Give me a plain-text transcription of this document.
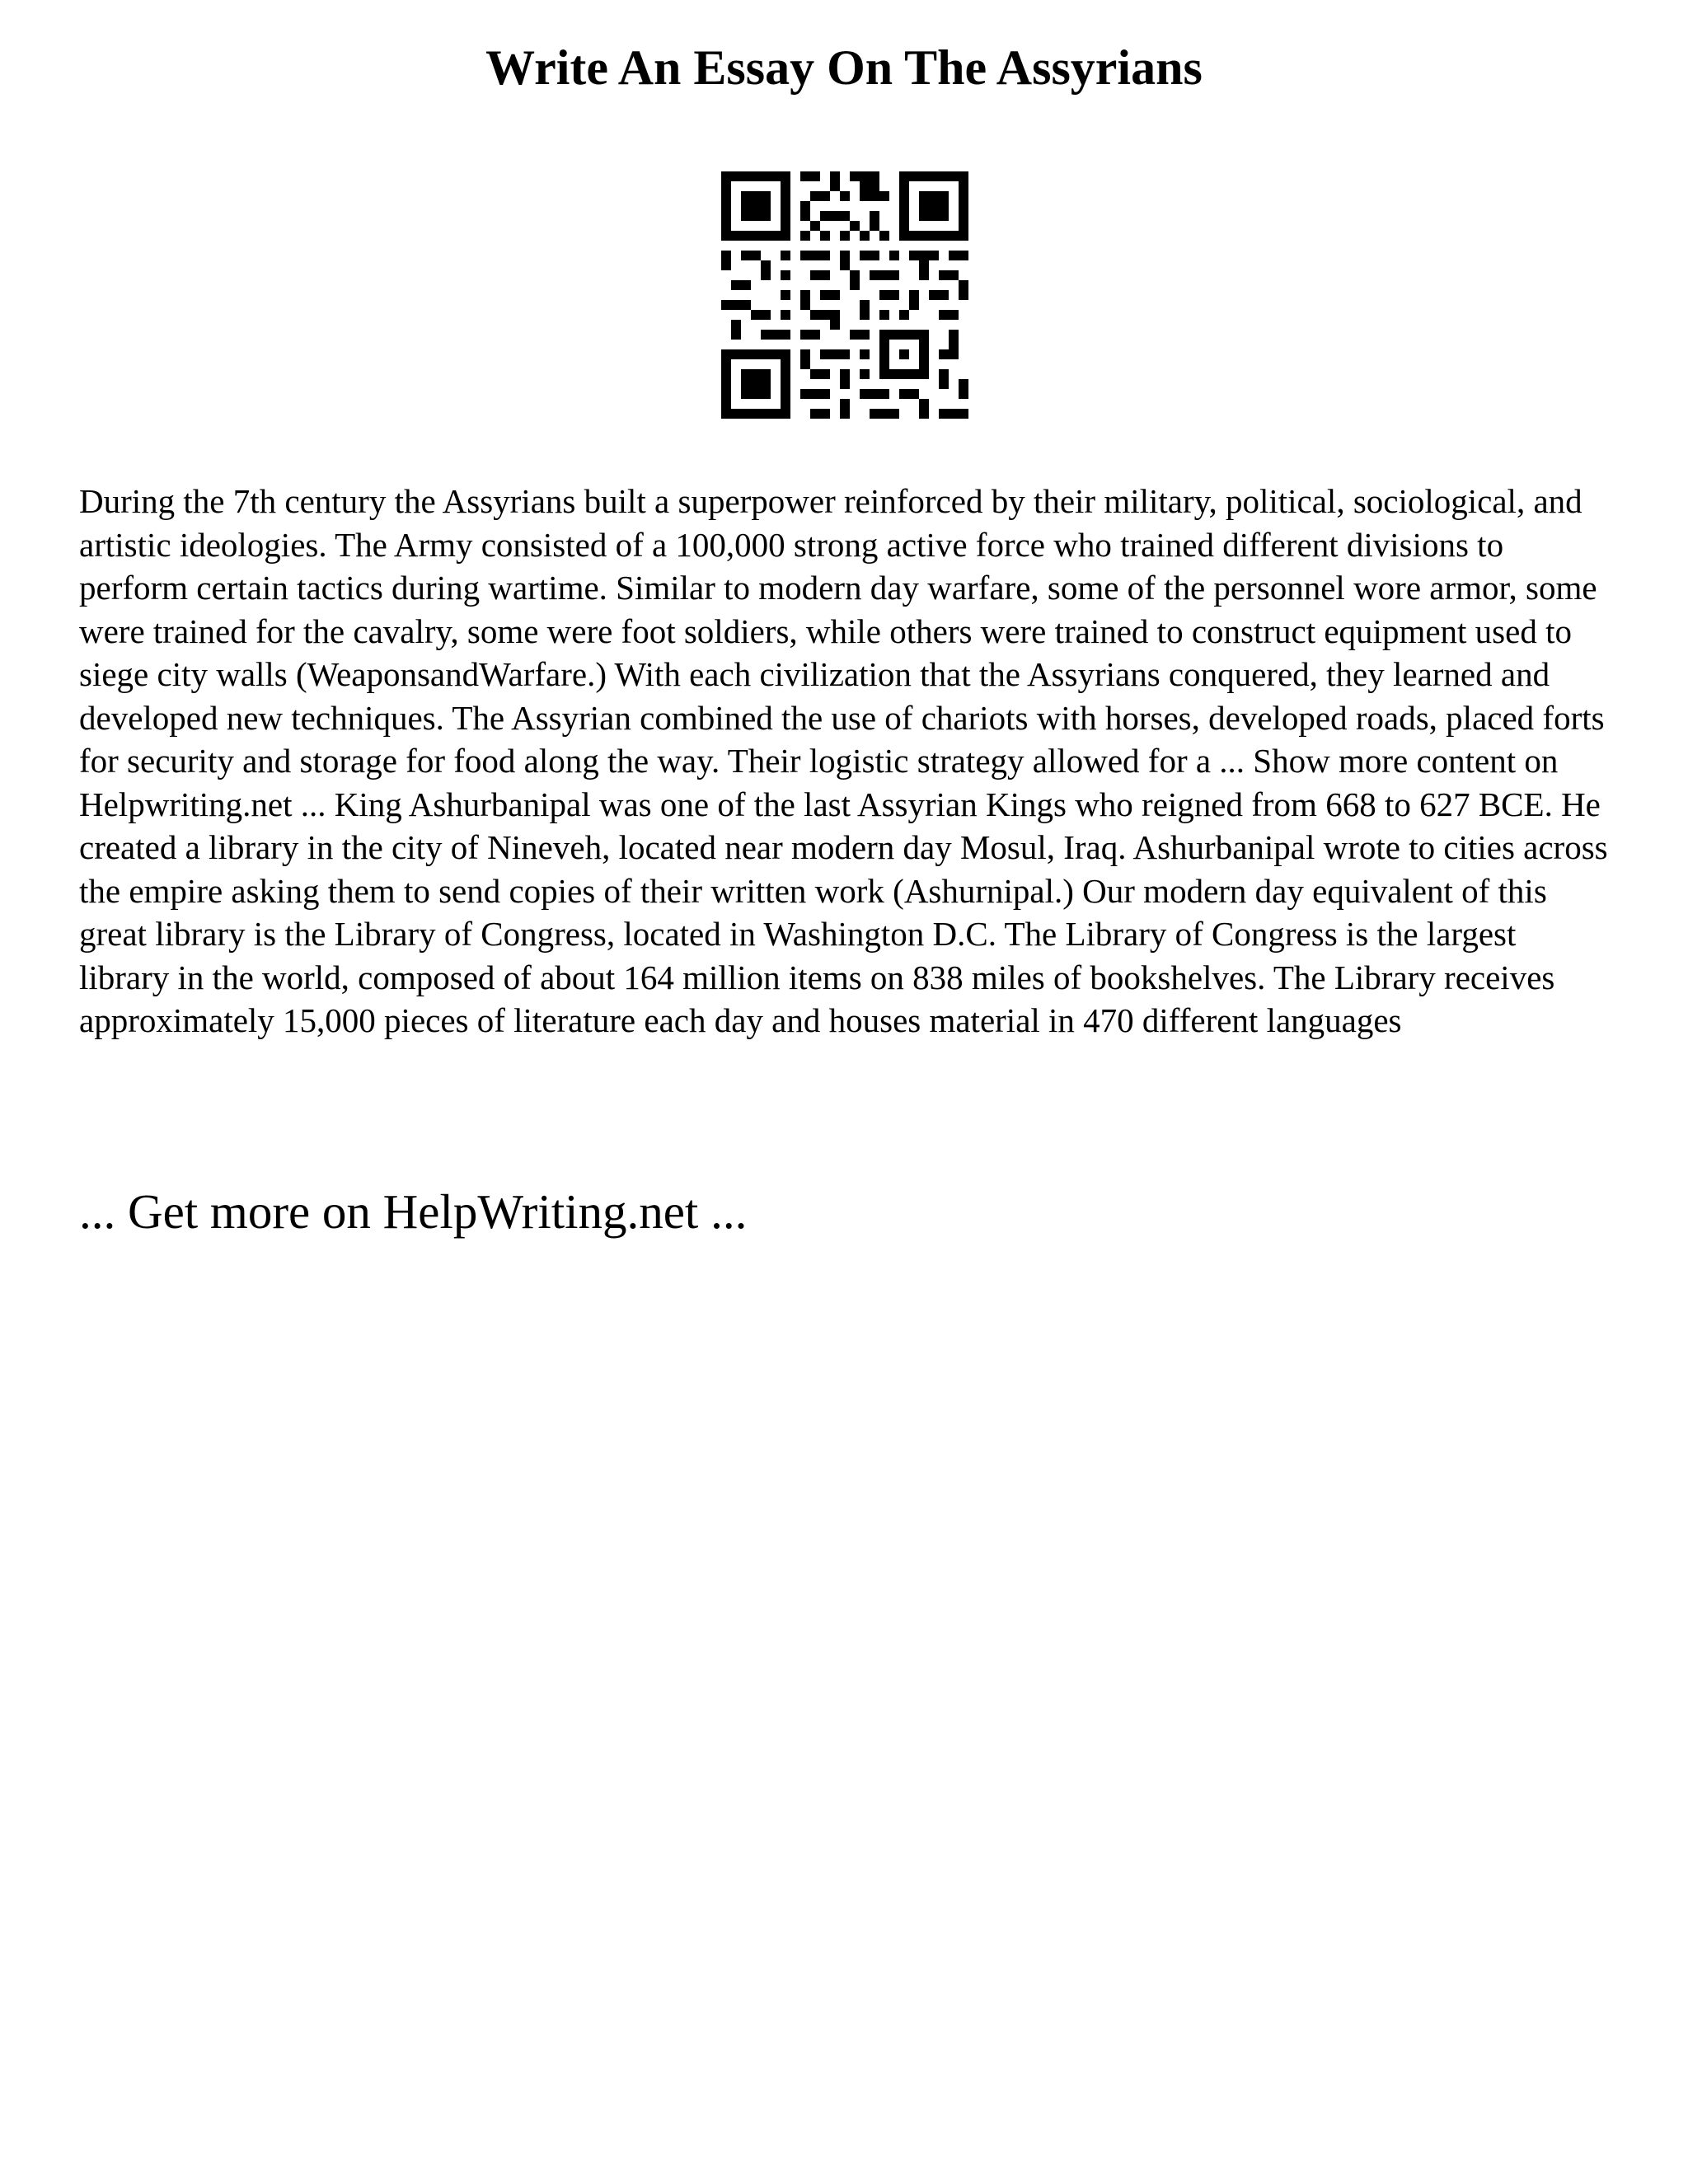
Write An Essay On The Assyrians

During the 7th century the Assyrians built a superpower reinforced by their military, political, sociological, and artistic ideologies. The Army consisted of a 100,000 strong active force who trained different divisions to perform certain tactics during wartime. Similar to modern day warfare, some of the personnel wore armor, some were trained for the cavalry, some were foot soldiers, while others were trained to construct equipment used to siege city walls (WeaponsandWarfare.) With each civilization that the Assyrians conquered, they learned and developed new techniques. The Assyrian combined the use of chariots with horses, developed roads, placed forts for security and storage for food along the way. Their logistic strategy allowed for a ... Show more content on Helpwriting.net ... King Ashurbanipal was one of the last Assyrian Kings who reigned from 668 to 627 BCE. He created a library in the city of Nineveh, located near modern day Mosul, Iraq. Ashurbanipal wrote to cities across the empire asking them to send copies of their written work (Ashurnipal.) Our modern day equivalent of this great library is the Library of Congress, located in Washington D.C. The Library of Congress is the largest library in the world, composed of about 164 million items on 838 miles of bookshelves. The Library receives approximately 15,000 pieces of literature each day and houses material in 470 different languages

... Get more on HelpWriting.net ...
